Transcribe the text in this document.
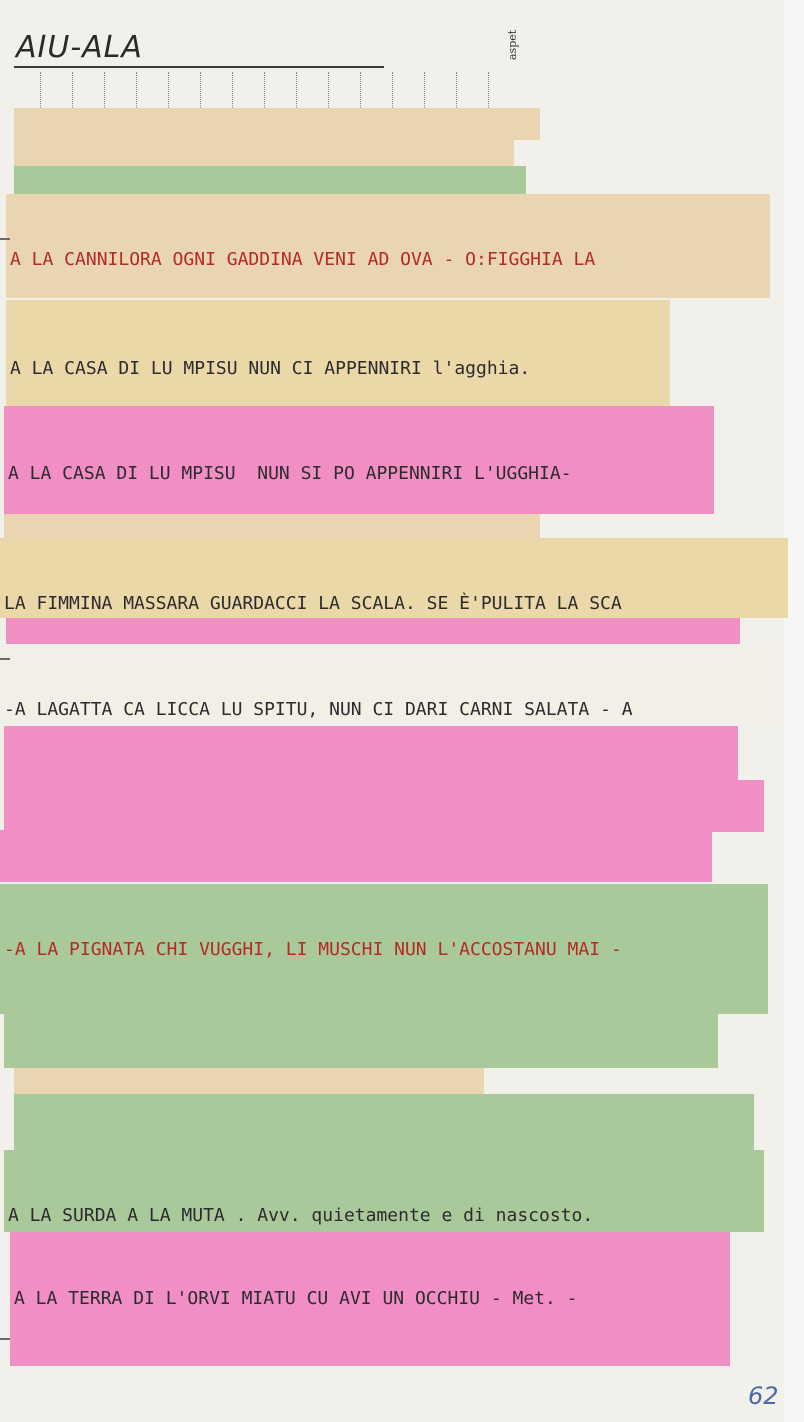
AIU-ALA	aspet

A LA CANNILORA OGNI GADDINA VENI AD OVA - O:FIGGHIA LA

A LA CASA DI LU MPISU NUN CI APPENNIRI l'agghia.

A LA CASA DI LU MPISU  NUN SI PO APPENNIRI L'UGGHIA-

LA FIMMINA MASSARA GUARDACCI LA SCALA. SE È'PULITA LA SCA

-A LAGATTA CA LICCA LU SPITU, NUN CI DARI CARNI SALATA - A

-A LA PIGNATA CHI VUGGHI, LI MUSCHI NUN L'ACCOSTANU MAI -

A LA SURDA A LA MUTA . Avv. quietamente e di nascosto.

A LA TERRA DI L'ORVI MIATU CU AVI UN OCCHIU - Met. -

62
